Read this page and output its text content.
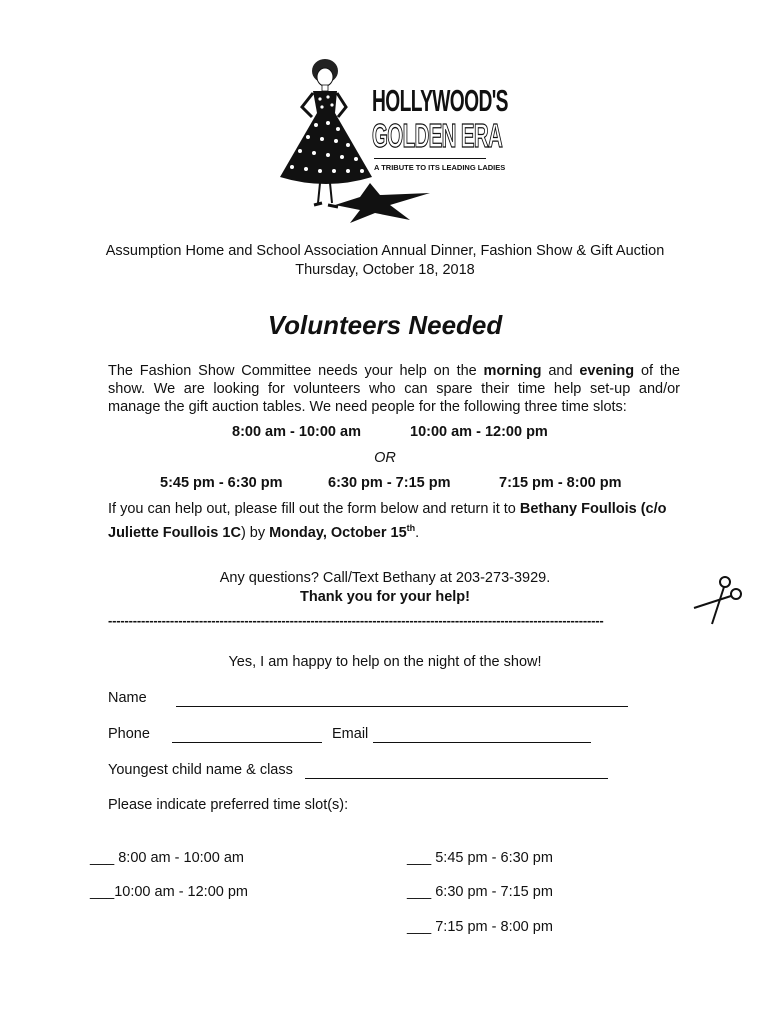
HOLLYWOOD'S
GOLDEN ERA
A TRIBUTE TO ITS LEADING LADIES
Assumption Home and School Association Annual Dinner, Fashion Show & Gift Auction
Thursday, October 18, 2018
Volunteers Needed
The Fashion Show Committee needs your help on the morning and evening of the
show. We are looking for volunteers who can spare their time help set-up and/or
manage the gift auction tables. We need people for the following three time slots:
8:00 am - 10:00 am	10:00 am - 12:00 pm
OR
5:45 pm - 6:30 pm	6:30 pm - 7:15 pm	7:15 pm - 8:00 pm
If you can help out, please fill out the form below and return it to Bethany Foullois (c/o
Juliette Foullois 1C) by Monday, October 15th.
Any questions? Call/Text Bethany at 203-273-3929.
Thank you for your help!
------------------------------------------------------------------------------------------------------------------------
Yes, I am happy to help on the night of the show!
Name
Phone	Email
Youngest child name & class
Please indicate preferred time slot(s):
___ 8:00 am - 10:00 am
___10:00 am - 12:00 pm
___ 5:45 pm - 6:30 pm
___ 6:30 pm - 7:15 pm
___ 7:15 pm - 8:00 pm
